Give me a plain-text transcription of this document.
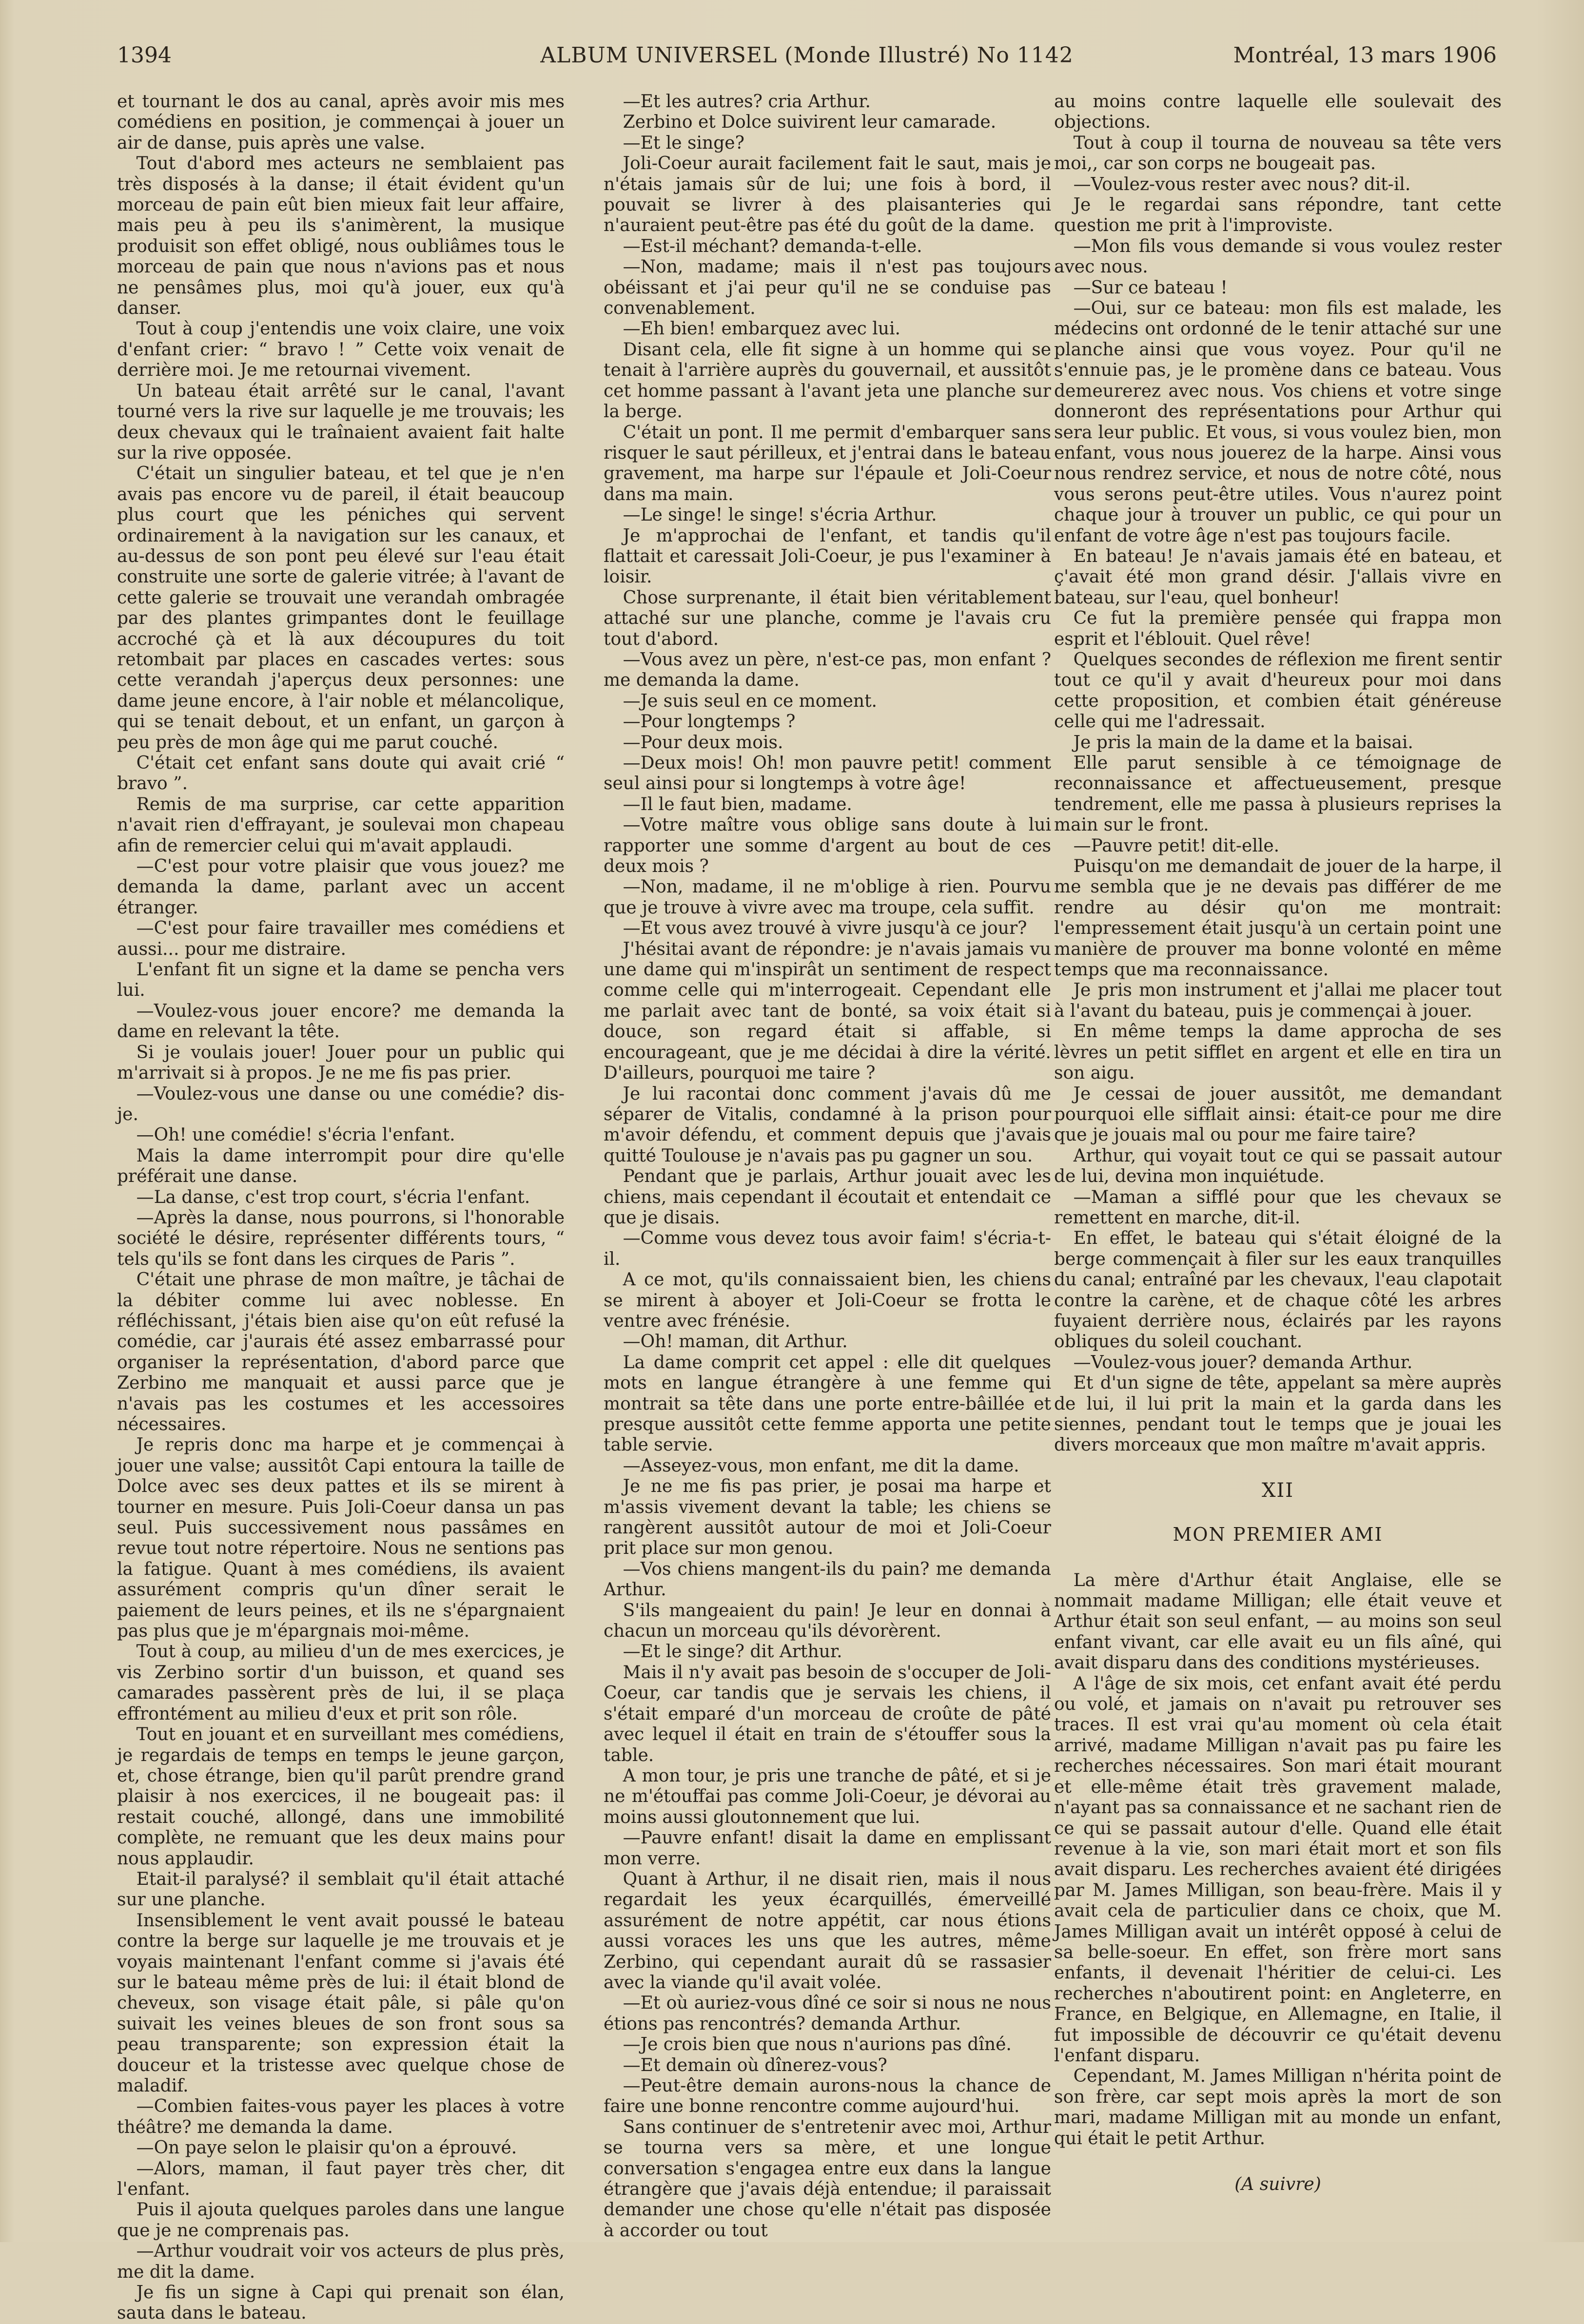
1394	ALBUM UNIVERSEL (Monde Illustré) No 1142	Montréal, 13 mars 1906

et tournant le dos au canal, après avoir mis mes comédiens en position, je commençai à jouer un air de danse, puis après une valse.

Tout d'abord mes acteurs ne semblaient pas très disposés à la danse; il était évident qu'un morceau de pain eût bien mieux fait leur affaire, mais peu à peu ils s'animèrent, la musique produisit son effet obligé, nous oubliâmes tous le morceau de pain que nous n'avions pas et nous ne pensâmes plus, moi qu'à jouer, eux qu'à danser.

Tout à coup j'entendis une voix claire, une voix d'enfant crier: “ bravo ! ” Cette voix venait de derrière moi. Je me retournai vivement.

Un bateau était arrêté sur le canal, l'avant tourné vers la rive sur laquelle je me trouvais; les deux chevaux qui le traînaient avaient fait halte sur la rive opposée.

C'était un singulier bateau, et tel que je n'en avais pas encore vu de pareil, il était beaucoup plus court que les péniches qui servent ordinairement à la navigation sur les canaux, et au-dessus de son pont peu élevé sur l'eau était construite une sorte de galerie vitrée; à l'avant de cette galerie se trouvait une verandah ombragée par des plantes grimpantes dont le feuillage accroché çà et là aux découpures du toit retombait par places en cascades vertes: sous cette verandah j'aperçus deux personnes: une dame jeune encore, à l'air noble et mélancolique, qui se tenait debout, et un enfant, un garçon à peu près de mon âge qui me parut couché.

C'était cet enfant sans doute qui avait crié “ bravo ”.

Remis de ma surprise, car cette apparition n'avait rien d'effrayant, je soulevai mon chapeau afin de remercier celui qui m'avait applaudi.

—C'est pour votre plaisir que vous jouez? me demanda la dame, parlant avec un accent étranger.

—C'est pour faire travailler mes comédiens et aussi... pour me distraire.

L'enfant fit un signe et la dame se pencha vers lui.

—Voulez-vous jouer encore? me demanda la dame en relevant la tête.

Si je voulais jouer! Jouer pour un public qui m'arrivait si à propos. Je ne me fis pas prier.

—Voulez-vous une danse ou une comédie? dis-je.

—Oh! une comédie! s'écria l'enfant.

Mais la dame interrompit pour dire qu'elle préférait une danse.

—La danse, c'est trop court, s'écria l'enfant.

—Après la danse, nous pourrons, si l'honorable société le désire, représenter différents tours, “ tels qu'ils se font dans les cirques de Paris ”.

C'était une phrase de mon maître, je tâchai de la débiter comme lui avec noblesse. En réfléchissant, j'étais bien aise qu'on eût refusé la comédie, car j'aurais été assez embarrassé pour organiser la représentation, d'abord parce que Zerbino me manquait et aussi parce que je n'avais pas les costumes et les accessoires nécessaires.

Je repris donc ma harpe et je commençai à jouer une valse; aussitôt Capi entoura la taille de Dolce avec ses deux pattes et ils se mirent à tourner en mesure. Puis Joli-Coeur dansa un pas seul. Puis successivement nous passâmes en revue tout notre répertoire. Nous ne sentions pas la fatigue. Quant à mes comédiens, ils avaient assurément compris qu'un dîner serait le paiement de leurs peines, et ils ne s'épargnaient pas plus que je m'épargnais moi-même.

Tout à coup, au milieu d'un de mes exercices, je vis Zerbino sortir d'un buisson, et quand ses camarades passèrent près de lui, il se plaça effrontément au milieu d'eux et prit son rôle.

Tout en jouant et en surveillant mes comédiens, je regardais de temps en temps le jeune garçon, et, chose étrange, bien qu'il parût prendre grand plaisir à nos exercices, il ne bougeait pas: il restait couché, allongé, dans une immobilité complète, ne remuant que les deux mains pour nous applaudir.

Etait-il paralysé? il semblait qu'il était attaché sur une planche.

Insensiblement le vent avait poussé le bateau contre la berge sur laquelle je me trouvais et je voyais maintenant l'enfant comme si j'avais été sur le bateau même près de lui: il était blond de cheveux, son visage était pâle, si pâle qu'on suivait les veines bleues de son front sous sa peau transparente; son expression était la douceur et la tristesse avec quelque chose de maladif.

—Combien faites-vous payer les places à votre théâtre? me demanda la dame.

—On paye selon le plaisir qu'on a éprouvé.

—Alors, maman, il faut payer très cher, dit l'enfant.

Puis il ajouta quelques paroles dans une langue que je ne comprenais pas.

—Arthur voudrait voir vos acteurs de plus près, me dit la dame.

Je fis un signe à Capi qui prenait son élan, sauta dans le bateau.

—Et les autres? cria Arthur.

Zerbino et Dolce suivirent leur camarade.

—Et le singe?

Joli-Coeur aurait facilement fait le saut, mais je n'étais jamais sûr de lui; une fois à bord, il pouvait se livrer à des plaisanteries qui n'auraient peut-être pas été du goût de la dame.

—Est-il méchant? demanda-t-elle.

—Non, madame; mais il n'est pas toujours obéissant et j'ai peur qu'il ne se conduise pas convenablement.

—Eh bien! embarquez avec lui.

Disant cela, elle fit signe à un homme qui se tenait à l'arrière auprès du gouvernail, et aussitôt cet homme passant à l'avant jeta une planche sur la berge.

C'était un pont. Il me permit d'embarquer sans risquer le saut périlleux, et j'entrai dans le bateau gravement, ma harpe sur l'épaule et Joli-Coeur dans ma main.

—Le singe! le singe! s'écria Arthur.

Je m'approchai de l'enfant, et tandis qu'il flattait et caressait Joli-Coeur, je pus l'examiner à loisir.

Chose surprenante, il était bien véritablement attaché sur une planche, comme je l'avais cru tout d'abord.

—Vous avez un père, n'est-ce pas, mon enfant ? me demanda la dame.

—Je suis seul en ce moment.

—Pour longtemps ?

—Pour deux mois.

—Deux mois! Oh! mon pauvre petit! comment seul ainsi pour si longtemps à votre âge!

—Il le faut bien, madame.

—Votre maître vous oblige sans doute à lui rapporter une somme d'argent au bout de ces deux mois ?

—Non, madame, il ne m'oblige à rien. Pourvu que je trouve à vivre avec ma troupe, cela suffit.

—Et vous avez trouvé à vivre jusqu'à ce jour?

J'hésitai avant de répondre: je n'avais jamais vu une dame qui m'inspirât un sentiment de respect comme celle qui m'interrogeait. Cependant elle me parlait avec tant de bonté, sa voix était si douce, son regard était si affable, si encourageant, que je me décidai à dire la vérité. D'ailleurs, pourquoi me taire ?

Je lui racontai donc comment j'avais dû me séparer de Vitalis, condamné à la prison pour m'avoir défendu, et comment depuis que j'avais quitté Toulouse je n'avais pas pu gagner un sou.

Pendant que je parlais, Arthur jouait avec les chiens, mais cependant il écoutait et entendait ce que je disais.

—Comme vous devez tous avoir faim! s'écria-t-il.

A ce mot, qu'ils connaissaient bien, les chiens se mirent à aboyer et Joli-Coeur se frotta le ventre avec frénésie.

—Oh! maman, dit Arthur.

La dame comprit cet appel : elle dit quelques mots en langue étrangère à une femme qui montrait sa tête dans une porte entre-bâillée et presque aussitôt cette femme apporta une petite table servie.

—Asseyez-vous, mon enfant, me dit la dame.

Je ne me fis pas prier, je posai ma harpe et m'assis vivement devant la table; les chiens se rangèrent aussitôt autour de moi et Joli-Coeur prit place sur mon genou.

—Vos chiens mangent-ils du pain? me demanda Arthur.

S'ils mangeaient du pain! Je leur en donnai à chacun un morceau qu'ils dévorèrent.

—Et le singe? dit Arthur.

Mais il n'y avait pas besoin de s'occuper de Joli-Coeur, car tandis que je servais les chiens, il s'était emparé d'un morceau de croûte de pâté avec lequel il était en train de s'étouffer sous la table.

A mon tour, je pris une tranche de pâté, et si je ne m'étouffai pas comme Joli-Coeur, je dévorai au moins aussi gloutonnement que lui.

—Pauvre enfant! disait la dame en emplissant mon verre.

Quant à Arthur, il ne disait rien, mais il nous regardait les yeux écarquillés, émerveillé assurément de notre appétit, car nous étions aussi voraces les uns que les autres, même Zerbino, qui cependant aurait dû se rassasier avec la viande qu'il avait volée.

—Et où auriez-vous dîné ce soir si nous ne nous étions pas rencontrés? demanda Arthur.

—Je crois bien que nous n'aurions pas dîné.

—Et demain où dînerez-vous?

—Peut-être demain aurons-nous la chance de faire une bonne rencontre comme aujourd'hui.

Sans continuer de s'entretenir avec moi, Arthur se tourna vers sa mère, et une longue conversation s'engagea entre eux dans la langue étrangère que j'avais déjà entendue; il paraissait demander une chose qu'elle n'était pas disposée à accorder ou tout

au moins contre laquelle elle soulevait des objections.

Tout à coup il tourna de nouveau sa tête vers moi,, car son corps ne bougeait pas.

—Voulez-vous rester avec nous? dit-il.

Je le regardai sans répondre, tant cette question me prit à l'improviste.

—Mon fils vous demande si vous voulez rester avec nous.

—Sur ce bateau !

—Oui, sur ce bateau: mon fils est malade, les médecins ont ordonné de le tenir attaché sur une planche ainsi que vous voyez. Pour qu'il ne s'ennuie pas, je le promène dans ce bateau. Vous demeurerez avec nous. Vos chiens et votre singe donneront des représentations pour Arthur qui sera leur public. Et vous, si vous voulez bien, mon enfant, vous nous jouerez de la harpe. Ainsi vous nous rendrez service, et nous de notre côté, nous vous serons peut-être utiles. Vous n'aurez point chaque jour à trouver un public, ce qui pour un enfant de votre âge n'est pas toujours facile.

En bateau! Je n'avais jamais été en bateau, et ç'avait été mon grand désir. J'allais vivre en bateau, sur l'eau, quel bonheur!

Ce fut la première pensée qui frappa mon esprit et l'éblouit. Quel rêve!

Quelques secondes de réflexion me firent sentir tout ce qu'il y avait d'heureux pour moi dans cette proposition, et combien était généreuse celle qui me l'adressait.

Je pris la main de la dame et la baisai.

Elle parut sensible à ce témoignage de reconnaissance et affectueusement, presque tendrement, elle me passa à plusieurs reprises la main sur le front.

—Pauvre petit! dit-elle.

Puisqu'on me demandait de jouer de la harpe, il me sembla que je ne devais pas différer de me rendre au désir qu'on me montrait: l'empressement était jusqu'à un certain point une manière de prouver ma bonne volonté en même temps que ma reconnaissance.

Je pris mon instrument et j'allai me placer tout à l'avant du bateau, puis je commençai à jouer.

En même temps la dame approcha de ses lèvres un petit sifflet en argent et elle en tira un son aigu.

Je cessai de jouer aussitôt, me demandant pourquoi elle sifflait ainsi: était-ce pour me dire que je jouais mal ou pour me faire taire?

Arthur, qui voyait tout ce qui se passait autour de lui, devina mon inquiétude.

—Maman a sifflé pour que les chevaux se remettent en marche, dit-il.

En effet, le bateau qui s'était éloigné de la berge commençait à filer sur les eaux tranquilles du canal; entraîné par les chevaux, l'eau clapotait contre la carène, et de chaque côté les arbres fuyaient derrière nous, éclairés par les rayons obliques du soleil couchant.

—Voulez-vous jouer? demanda Arthur.

Et d'un signe de tête, appelant sa mère auprès de lui, il lui prit la main et la garda dans les siennes, pendant tout le temps que je jouai les divers morceaux que mon maître m'avait appris.

XII

MON PREMIER AMI

La mère d'Arthur était Anglaise, elle se nommait madame Milligan; elle était veuve et Arthur était son seul enfant, — au moins son seul enfant vivant, car elle avait eu un fils aîné, qui avait disparu dans des conditions mystérieuses.

A l'âge de six mois, cet enfant avait été perdu ou volé, et jamais on n'avait pu retrouver ses traces. Il est vrai qu'au moment où cela était arrivé, madame Milligan n'avait pas pu faire les recherches nécessaires. Son mari était mourant et elle-même était très gravement malade, n'ayant pas sa connaissance et ne sachant rien de ce qui se passait autour d'elle. Quand elle était revenue à la vie, son mari était mort et son fils avait disparu. Les recherches avaient été dirigées par M. James Milligan, son beau-frère. Mais il y avait cela de particulier dans ce choix, que M. James Milligan avait un intérêt opposé à celui de sa belle-soeur. En effet, son frère mort sans enfants, il devenait l'héritier de celui-ci. Les recherches n'aboutirent point: en Angleterre, en France, en Belgique, en Allemagne, en Italie, il fut impossible de découvrir ce qu'était devenu l'enfant disparu.

Cependant, M. James Milligan n'hérita point de son frère, car sept mois après la mort de son mari, madame Milligan mit au monde un enfant, qui était le petit Arthur.

(A suivre)
